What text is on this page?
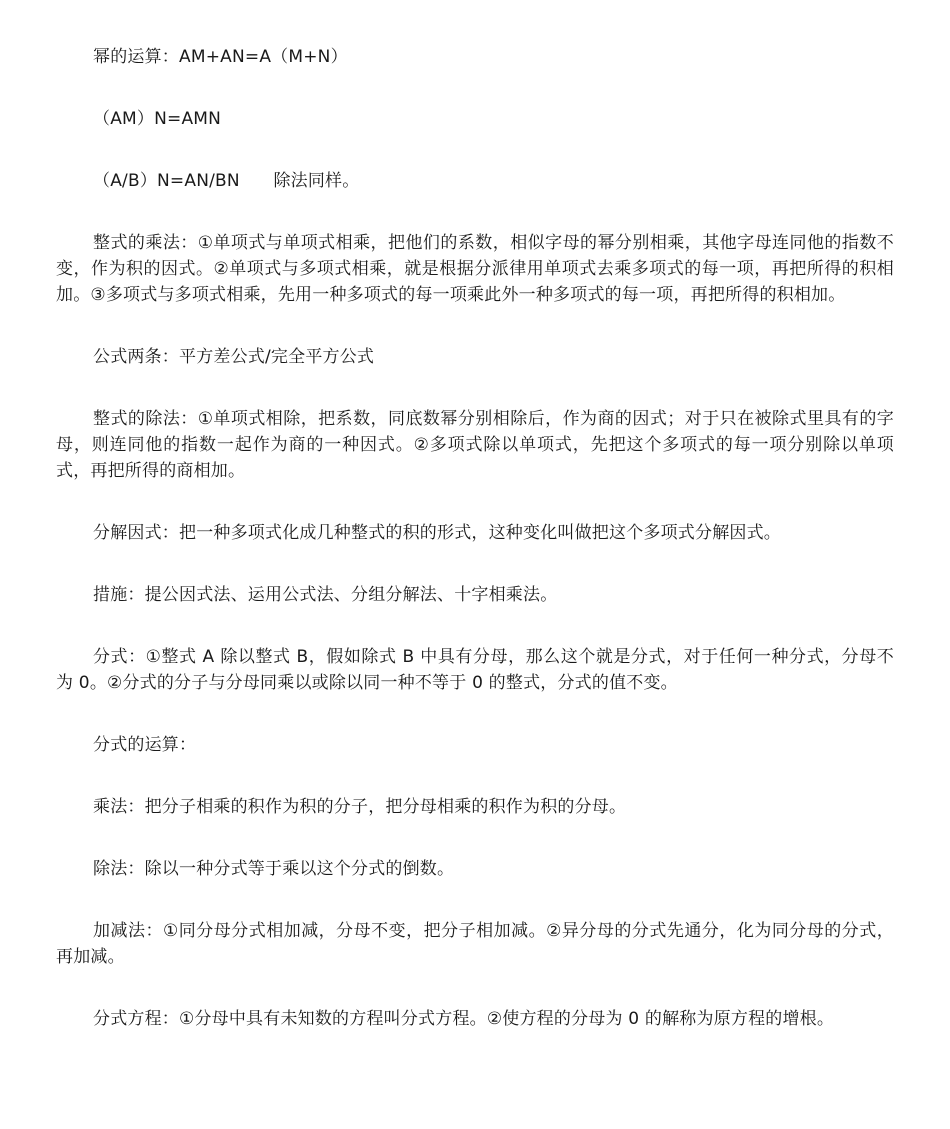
幂的运算：AM+AN=A（M+N）

（AM）N=AMN

（A/B）N=AN/BN      除法同样。

整式的乘法：①单项式与单项式相乘，把他们的系数，相似字母的幂分别相乘，其他字母连同他的指数不变，作为积的因式。②单项式与多项式相乘，就是根据分派律用单项式去乘多项式的每一项，再把所得的积相加。③多项式与多项式相乘，先用一种多项式的每一项乘此外一种多项式的每一项，再把所得的积相加。

公式两条：平方差公式/完全平方公式

整式的除法：①单项式相除，把系数，同底数幂分别相除后，作为商的因式；对于只在被除式里具有的字母，则连同他的指数一起作为商的一种因式。②多项式除以单项式，先把这个多项式的每一项分别除以单项式，再把所得的商相加。

分解因式：把一种多项式化成几种整式的积的形式，这种变化叫做把这个多项式分解因式。

措施：提公因式法、运用公式法、分组分解法、十字相乘法。

分式：①整式 A 除以整式 B，假如除式 B 中具有分母，那么这个就是分式，对于任何一种分式，分母不为 0。②分式的分子与分母同乘以或除以同一种不等于 0 的整式，分式的值不变。

分式的运算：

乘法：把分子相乘的积作为积的分子，把分母相乘的积作为积的分母。

除法：除以一种分式等于乘以这个分式的倒数。

加减法：①同分母分式相加减，分母不变，把分子相加减。②异分母的分式先通分，化为同分母的分式，再加减。

分式方程：①分母中具有未知数的方程叫分式方程。②使方程的分母为 0 的解称为原方程的增根。
